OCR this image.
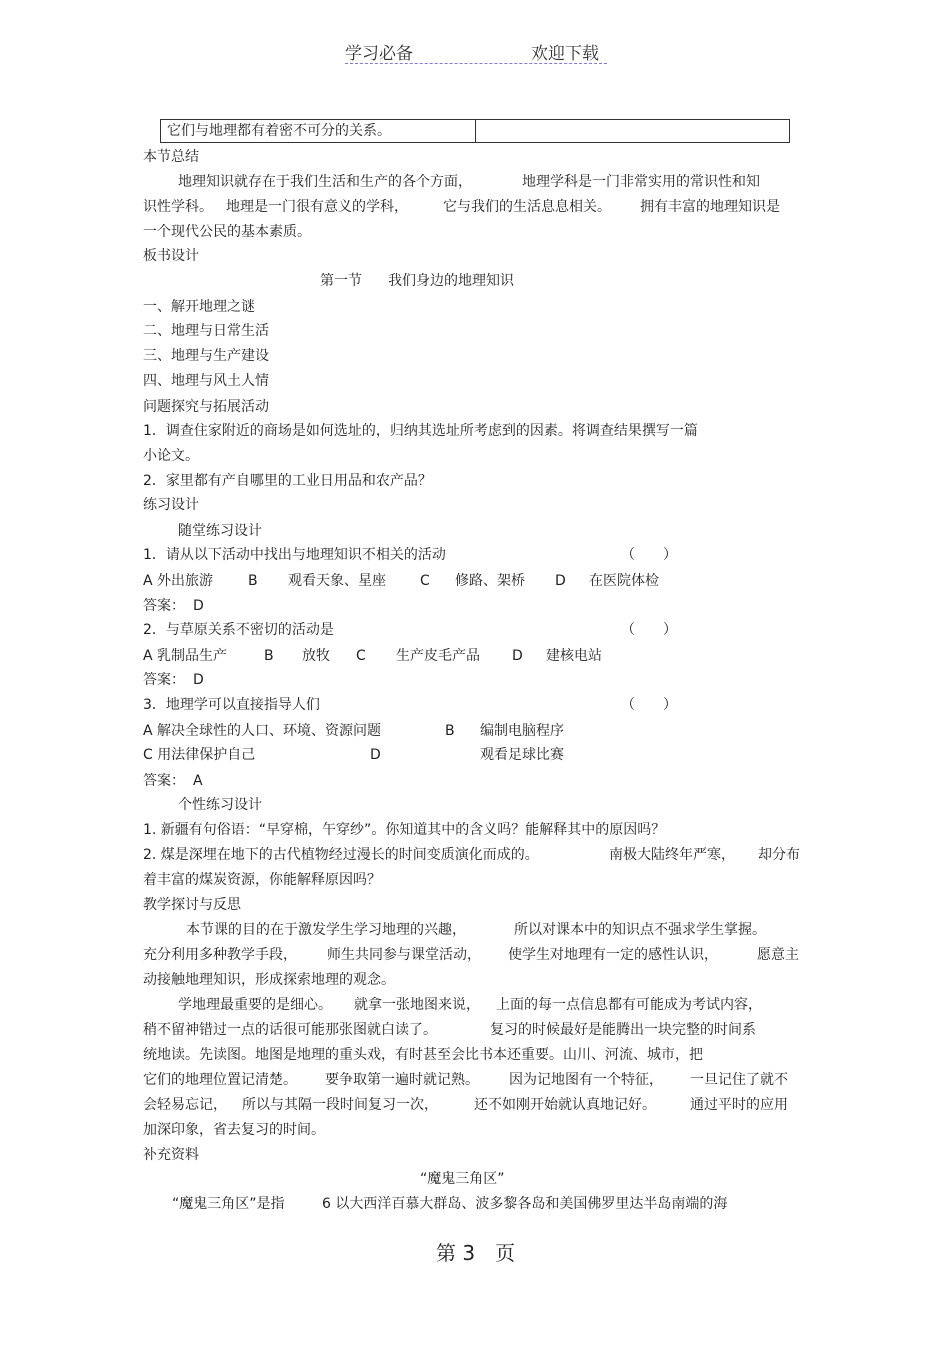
学习必备	欢迎下载
它们与地理都有着密不可分的关系。
本节总结
地理知识就存在于我们生活和生产的各个方面，	地理学科是一门非常实用的常识性和知
识性学科。 地理是一门很有意义的学科，	它与我们的生活息息相关。 拥有丰富的地理知识是
一个现代公民的基本素质。
板书设计
第一节 我们身边的地理知识
一、解开地理之谜
二、地理与日常生活
三、地理与生产建设
四、地理与风土人情
问题探究与拓展活动
1．调查住家附近的商场是如何选址的，归纳其选址所考虑到的因素。将调查结果撰写一篇
小论文。
2．家里都有产自哪里的工业日用品和农产品？
练习设计
随堂练习设计
1．请从以下活动中找出与地理知识不相关的活动	（　　）
A 外出旅游 B 观看天象、星座 C 修路、架桥 D 在医院体检
答案： D
2．与草原关系不密切的活动是	（　　）
A 乳制品生产	B 放牧 C 生产皮毛产品 D 建核电站
答案： D
3．地理学可以直接指导人们	（　　）
A 解决全球性的人口、环境、资源问题	B 编制电脑程序
C 用法律保护自己	D	观看足球比赛
答案： A
个性练习设计
1. 新疆有句俗语：“早穿棉，午穿纱”。你知道其中的含义吗？能解释其中的原因吗？
2. 煤是深埋在地下的古代植物经过漫长的时间变质演化而成的。	南极大陆终年严寒， 却分布
着丰富的煤炭资源，你能解释原因吗？
教学探讨与反思
本节课的目的在于激发学生学习地理的兴趣，	所以对课本中的知识点不强求学生掌握。
充分利用多种教学手段， 师生共同参与课堂活动， 使学生对地理有一定的感性认识，	愿意主
动接触地理知识，形成探索地理的观念。
学地理最重要的是细心。 就拿一张地图来说， 上面的每一点信息都有可能成为考试内容，
稍不留神错过一点的话很可能那张图就白读了。	复习的时候最好是能腾出一块完整的时间系
统地读。先读图。地图是地理的重头戏，有时甚至会比书本还重要。山川、河流、城市，把
它们的地理位置记清楚。 要争取第一遍时就记熟。 因为记地图有一个特征， 一旦记住了就不
会轻易忘记， 所以与其隔一段时间复习一次，	还不如刚开始就认真地记好。 通过平时的应用
加深印象，省去复习的时间。
补充资料
“魔鬼三角区”
“魔鬼三角区”是指	6 以大西洋百慕大群岛、波多黎各岛和美国佛罗里达半岛南端的海
第 3　页
